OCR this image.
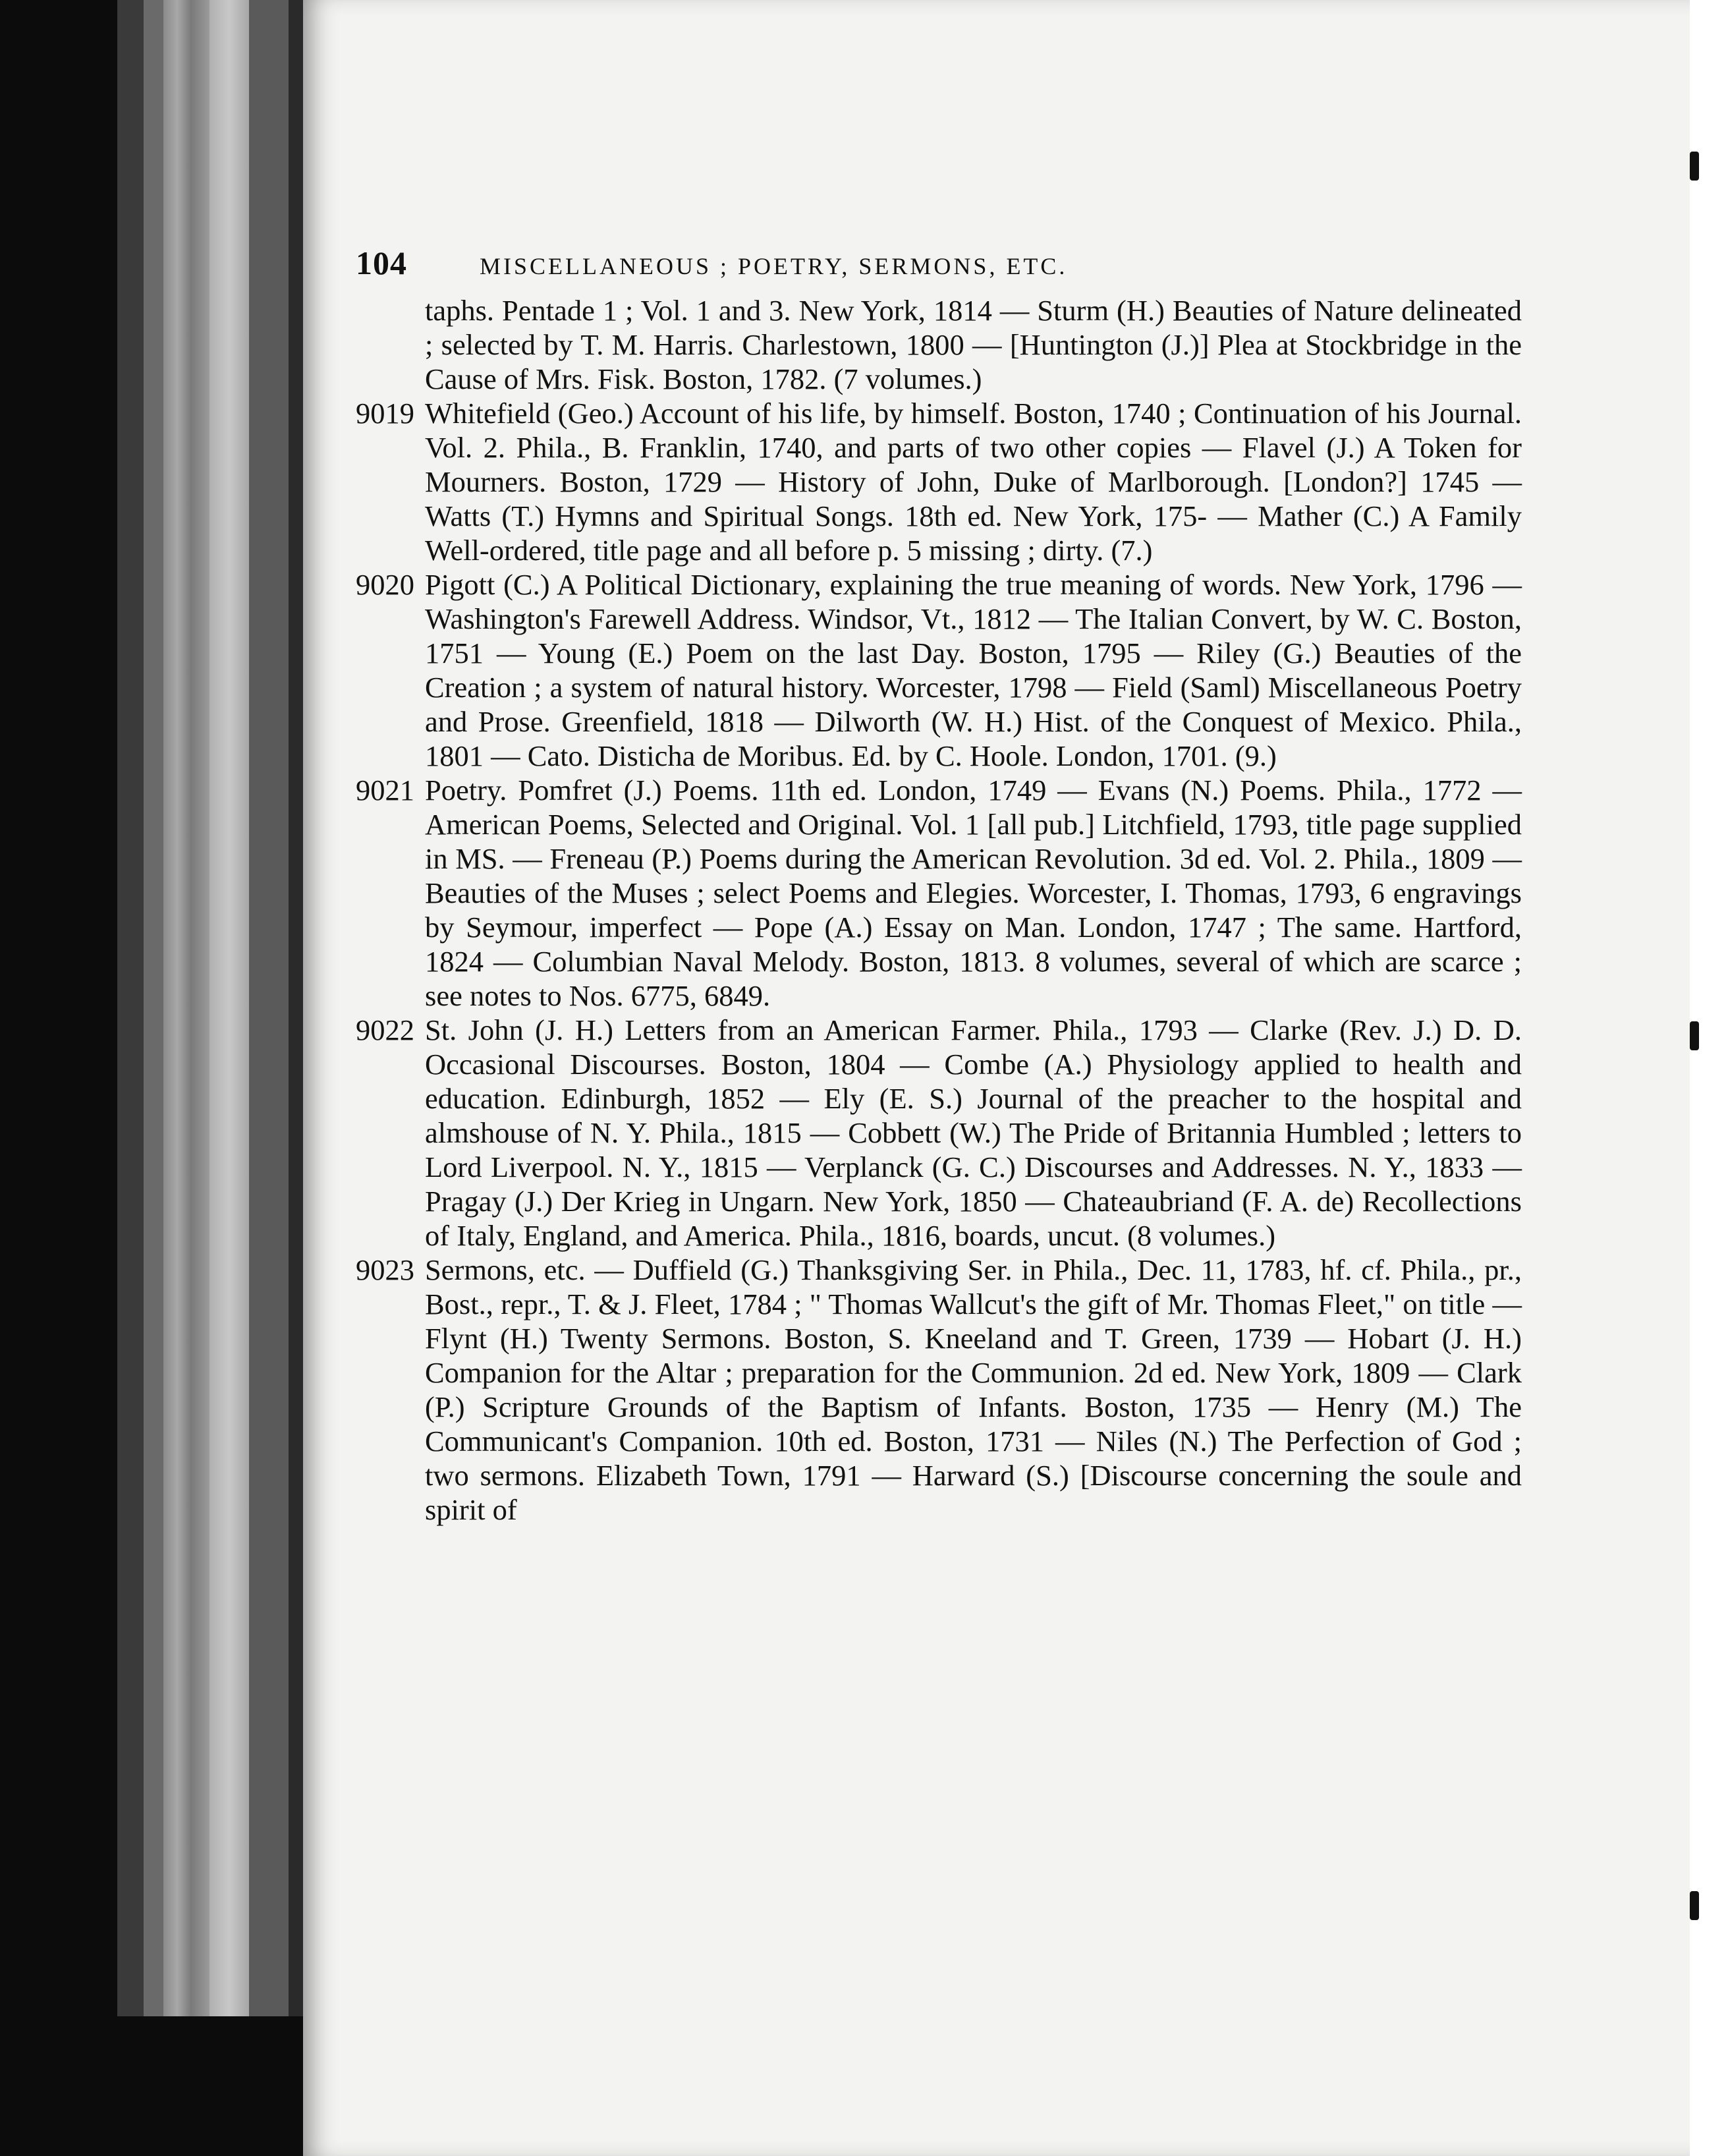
104	MISCELLANEOUS ; POETRY, SERMONS, ETC.
taphs. Pentade 1 ; Vol. 1 and 3. New York, 1814 — Sturm (H.) Beauties of Nature delineated ; selected by T. M. Harris. Charlestown, 1800 — [Huntington (J.)] Plea at Stockbridge in the Cause of Mrs. Fisk. Boston, 1782. (7 volumes.)
9019 Whitefield (Geo.) Account of his life, by himself. Boston, 1740 ; Continuation of his Journal. Vol. 2. Phila., B. Franklin, 1740, and parts of two other copies — Flavel (J.) A Token for Mourners. Boston, 1729 — History of John, Duke of Marlborough. [London?] 1745 — Watts (T.) Hymns and Spiritual Songs. 18th ed. New York, 175- — Mather (C.) A Family Well-ordered, title page and all before p. 5 missing ; dirty. (7.)
9020 Pigott (C.) A Political Dictionary, explaining the true meaning of words. New York, 1796 — Washington's Farewell Address. Windsor, Vt., 1812 — The Italian Convert, by W. C. Boston, 1751 — Young (E.) Poem on the last Day. Boston, 1795 — Riley (G.) Beauties of the Creation ; a system of natural history. Worcester, 1798 — Field (Saml) Miscellaneous Poetry and Prose. Greenfield, 1818 — Dilworth (W. H.) Hist. of the Conquest of Mexico. Phila., 1801 — Cato. Disticha de Moribus. Ed. by C. Hoole. London, 1701. (9.)
9021 Poetry. Pomfret (J.) Poems. 11th ed. London, 1749 — Evans (N.) Poems. Phila., 1772 — American Poems, Selected and Original. Vol. 1 [all pub.] Litchfield, 1793, title page supplied in MS. — Freneau (P.) Poems during the American Revolution. 3d ed. Vol. 2. Phila., 1809 — Beauties of the Muses ; select Poems and Elegies. Worcester, I. Thomas, 1793, 6 engravings by Seymour, imperfect — Pope (A.) Essay on Man. London, 1747 ; The same. Hartford, 1824 — Columbian Naval Melody. Boston, 1813. 8 volumes, several of which are scarce ; see notes to Nos. 6775, 6849.
9022 St. John (J. H.) Letters from an American Farmer. Phila., 1793 — Clarke (Rev. J.) D. D. Occasional Discourses. Boston, 1804 — Combe (A.) Physiology applied to health and education. Edinburgh, 1852 — Ely (E. S.) Journal of the preacher to the hospital and almshouse of N. Y. Phila., 1815 — Cobbett (W.) The Pride of Britannia Humbled ; letters to Lord Liverpool. N. Y., 1815 — Verplanck (G. C.) Discourses and Addresses. N. Y., 1833 — Pragay (J.) Der Krieg in Ungarn. New York, 1850 — Chateaubriand (F. A. de) Recollections of Italy, England, and America. Phila., 1816, boards, uncut. (8 volumes.)
9023 Sermons, etc. — Duffield (G.) Thanksgiving Ser. in Phila., Dec. 11, 1783, hf. cf. Phila., pr., Bost., repr., T. & J. Fleet, 1784 ; " Thomas Wallcut's the gift of Mr. Thomas Fleet," on title — Flynt (H.) Twenty Sermons. Boston, S. Kneeland and T. Green, 1739 — Hobart (J. H.) Companion for the Altar ; preparation for the Communion. 2d ed. New York, 1809 — Clark (P.) Scripture Grounds of the Baptism of Infants. Boston, 1735 — Henry (M.) The Communicant's Companion. 10th ed. Boston, 1731 — Niles (N.) The Perfection of God ; two sermons. Elizabeth Town, 1791 — Harward (S.) [Discourse concerning the soule and spirit of
